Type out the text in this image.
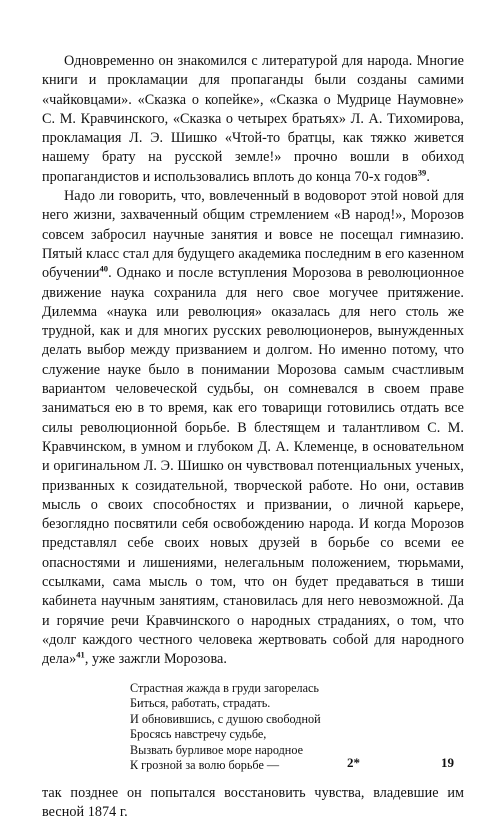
Одновременно он знакомился с литературой для народа. Многие книги и прокламации для пропаганды были созданы самими «чайковцами». «Сказка о копейке», «Сказка о Мудрице Наумовне» С. М. Кравчинского, «Сказка о четырех братьях» Л. А. Тихомирова, прокламация Л. Э. Шишко «Чтой-то братцы, как тяжко живется нашему брату на русской земле!» прочно вошли в обиход пропагандистов и использовались вплоть до конца 70-х годов$^{39}$.

Надо ли говорить, что, вовлеченный в водоворот этой новой для него жизни, захваченный общим стремлением «В народ!», Морозов совсем забросил научные занятия и вовсе не посещал гимназию. Пятый класс стал для будущего академика последним в его казенном обучении$^{40}$. Однако и после вступления Морозова в революционное движение наука сохранила для него свое могучее притяжение. Дилемма «наука или революция» оказалась для него столь же трудной, как и для многих русских революционеров, вынужденных делать выбор между призванием и долгом. Но именно потому, что служение науке было в понимании Морозова самым счастливым вариантом человеческой судьбы, он сомневался в своем праве заниматься ею в то время, как его товарищи готовились отдать все силы революционной борьбе. В блестящем и талантливом С. М. Кравчинском, в умном и глубоком Д. А. Клеменце, в основательном и оригинальном Л. Э. Шишко он чувствовал потенциальных ученых, призванных к созидательной, творческой работе. Но они, оставив мысль о своих способностях и призвании, о личной карьере, безоглядно посвятили себя освобождению народа. И когда Морозов представлял себе своих новых друзей в борьбе со всеми ее опасностями и лишениями, нелегальным положением, тюрьмами, ссылками, сама мысль о том, что он будет предаваться в тиши кабинета научным занятиям, становилась для него невозможной. Да и горячие речи Кравчинского о народных страданиях, о том, что «долг каждого честного человека жертвовать собой для народного дела»$^{41}$, уже зажгли Морозова.

Страстная жажда в груди загорелась
Биться, работать, страдать.
И обновившись, с душою свободной
Бросясь навстречу судьбе,
Вызвать бурливое море народное
К грозной за волю борьбе —

так позднее он попытался восстановить чувства, владевшие им весной 1874 г.

2*	19
